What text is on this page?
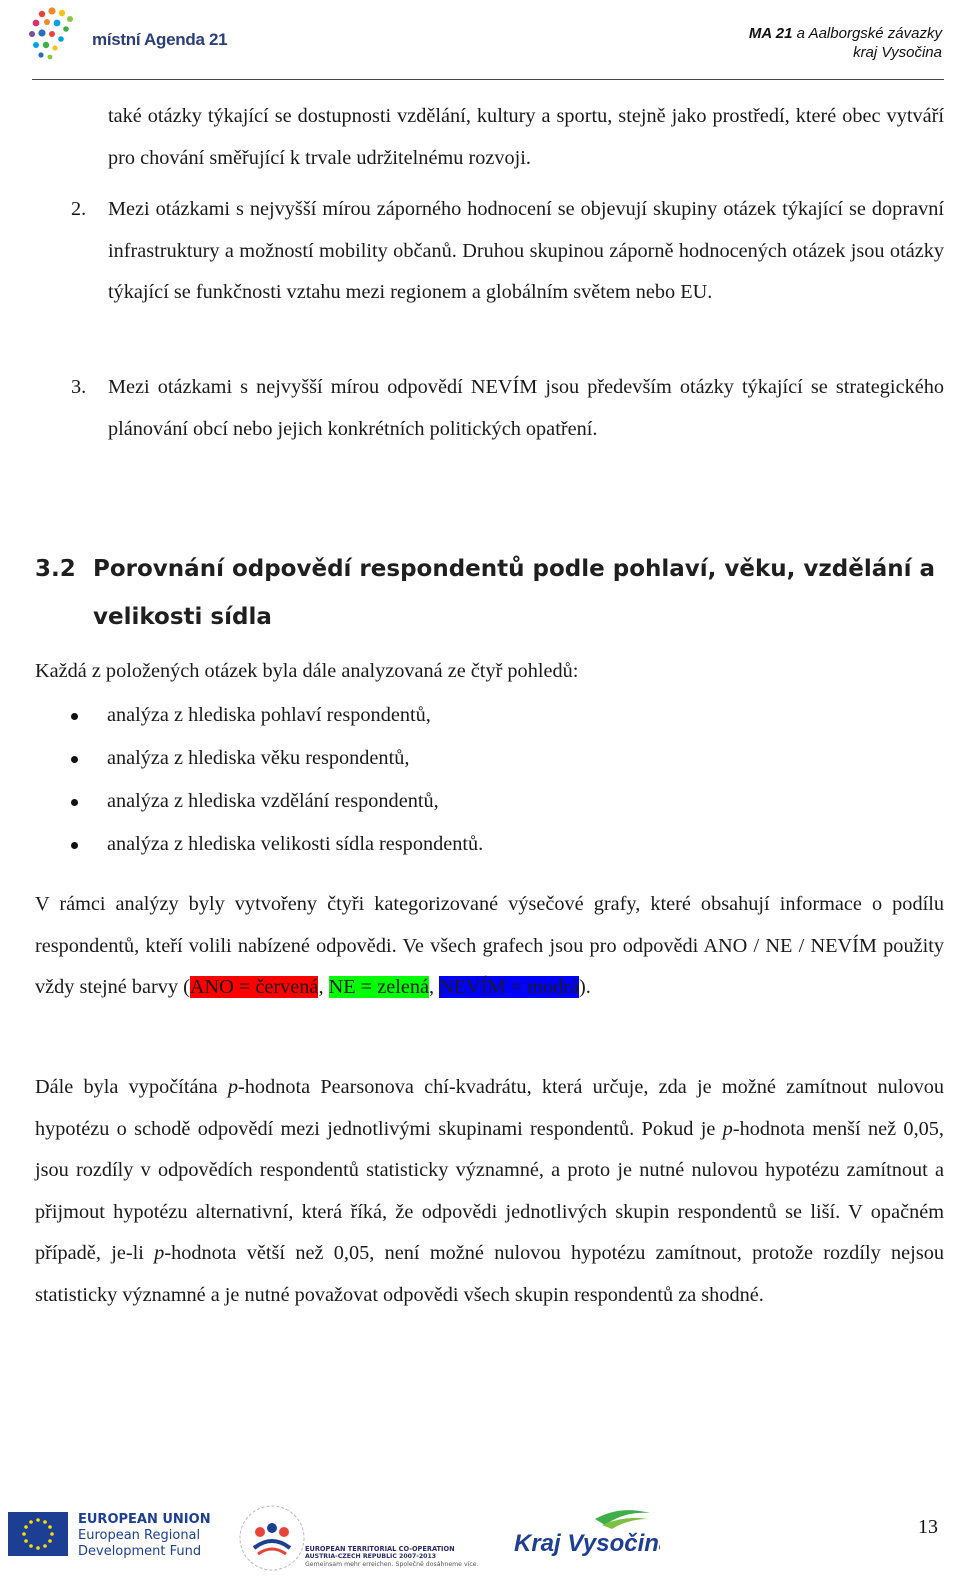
místní Agenda 21	MA 21 a Aalborgské závazky
kraj Vysočina
také otázky týkající se dostupnosti vzdělání, kultury a sportu, stejně jako prostředí, které obec vytváří pro chování směřující k trvale udržitelnému rozvoji.
2. Mezi otázkami s nejvyšší mírou záporného hodnocení se objevují skupiny otázek týkající se dopravní infrastruktury a možností mobility občanů. Druhou skupinou záporně hodnocených otázek jsou otázky týkající se funkčnosti vztahu mezi regionem a globálním světem nebo EU.
3. Mezi otázkami s nejvyšší mírou odpovědí NEVÍM jsou především otázky týkající se strategického plánování obcí nebo jejich konkrétních politických opatření.
3.2 Porovnání odpovědí respondentů podle pohlaví, věku, vzdělání a velikosti sídla
Každá z položených otázek byla dále analyzovaná ze čtyř pohledů:
analýza z hlediska pohlaví respondentů,
analýza z hlediska věku respondentů,
analýza z hlediska vzdělání respondentů,
analýza z hlediska velikosti sídla respondentů.
V rámci analýzy byly vytvořeny čtyři kategorizované výsečové grafy, které obsahují informace o podílu respondentů, kteří volili nabízené odpovědi. Ve všech grafech jsou pro odpovědi ANO / NE / NEVÍM použity vždy stejné barvy (ANO = červená, NE = zelená, NEVÍM = modrá).
Dále byla vypočítána p-hodnota Pearsonova chí-kvadrátu, která určuje, zda je možné zamítnout nulovou hypotézu o schodě odpovědí mezi jednotlivými skupinami respondentů. Pokud je p-hodnota menší než 0,05, jsou rozdíly v odpovědích respondentů statisticky významné, a proto je nutné nulovou hypotézu zamítnout a přijmout hypotézu alternativní, která říká, že odpovědi jednotlivých skupin respondentů se liší. V opačném případě, je-li p-hodnota větší než 0,05, není možné nulovou hypotézu zamítnout, protože rozdíly nejsou statisticky významné a je nutné považovat odpovědi všech skupin respondentů za shodné.
EUROPEAN UNION
European Regional
Development Fund	EUROPEAN TERRITORIAL CO-OPERATION
AUSTRIA-CZECH REPUBLIC 2007-2013
Gemeinsam mehr erreichen. Společně dosáhneme více.
Kraj Vysočina
13
